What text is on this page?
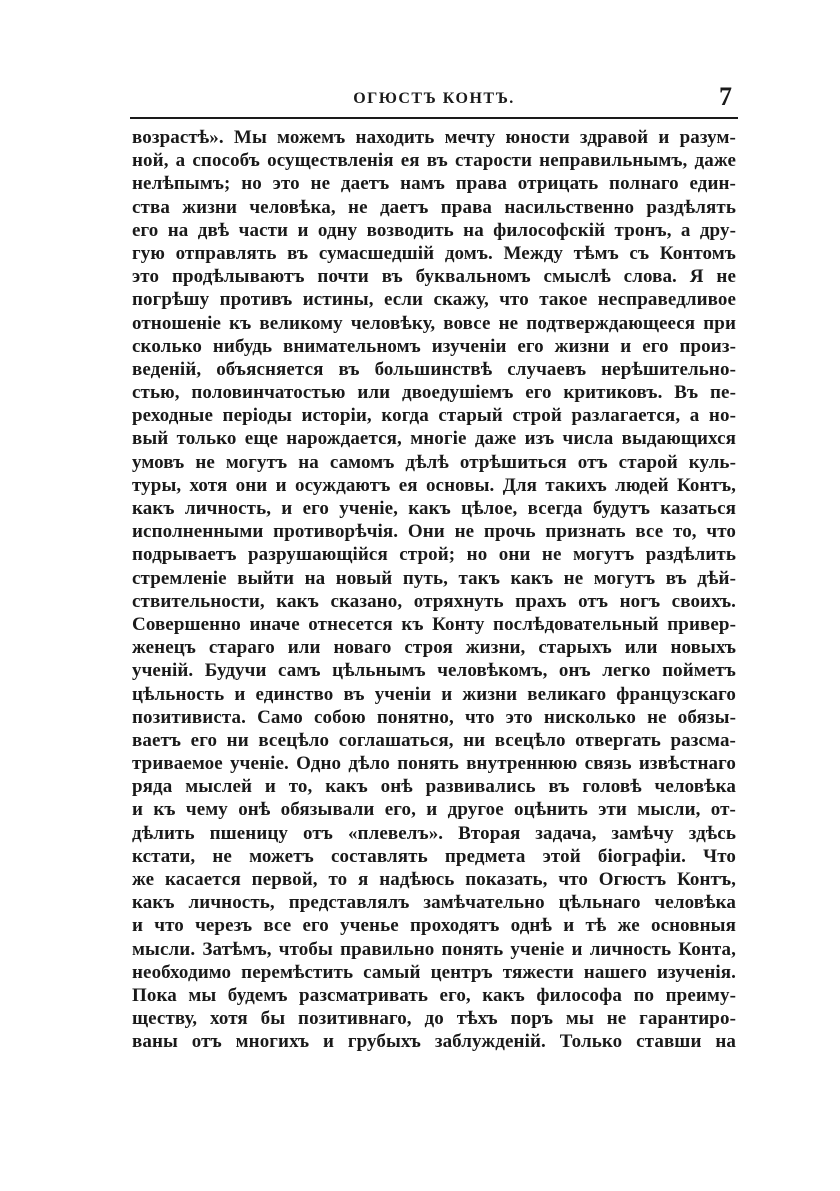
ОГЮСТЪ КОНТЪ.	7
возрастѣ». Мы можемъ находить мечту юности здравой и разум-
ной, а способъ осуществленія ея въ старости неправильнымъ, даже
нелѣпымъ; но это не даетъ намъ права отрицать полнаго един-
ства жизни человѣка, не даетъ права насильственно раздѣлять
его на двѣ части и одну возводить на философскій тронъ, а дру-
гую отправлять въ сумасшедшій домъ. Между тѣмъ съ Контомъ
это продѣлываютъ почти въ буквальномъ смыслѣ слова. Я не
погрѣшу противъ истины, если скажу, что такое несправедливое
отношеніе къ великому человѣку, вовсе не подтверждающееся при
сколько нибудь внимательномъ изученіи его жизни и его произ-
веденій, объясняется въ большинствѣ случаевъ нерѣшительно-
стью, половинчатостью или двоедушіемъ его критиковъ. Въ пе-
реходные періоды исторіи, когда старый строй разлагается, а но-
вый только еще нарождается, многіе даже изъ числа выдающихся
умовъ не могутъ на самомъ дѣлѣ отрѣшиться отъ старой куль-
туры, хотя они и осуждаютъ ея основы. Для такихъ людей Контъ,
какъ личность, и его ученіе, какъ цѣлое, всегда будутъ казаться
исполненными противорѣчія. Они не прочь признать все то, что
подрываетъ разрушающійся строй; но они не могутъ раздѣлить
стремленіе выйти на новый путь, такъ какъ не могутъ въ дѣй-
ствительности, какъ сказано, отряхнуть прахъ отъ ногъ своихъ.
Совершенно иначе отнесется къ Конту послѣдовательный привер-
женецъ стараго или новаго строя жизни, старыхъ или новыхъ
ученій. Будучи самъ цѣльнымъ человѣкомъ, онъ легко пойметъ
цѣльность и единство въ ученіи и жизни великаго французскаго
позитивиста. Само собою понятно, что это нисколько не обязы-
ваетъ его ни всецѣло соглашаться, ни всецѣло отвергать разсма-
триваемое ученіе. Одно дѣло понять внутреннюю связь извѣстнаго
ряда мыслей и то, какъ онѣ развивались въ головѣ человѣка
и къ чему онѣ обязывали его, и другое оцѣнить эти мысли, от-
дѣлить пшеницу отъ «плевелъ». Вторая задача, замѣчу здѣсь
кстати, не можетъ составлять предмета этой біографіи. Что
же касается первой, то я надѣюсь показать, что Огюстъ Контъ,
какъ личность, представлялъ замѣчательно цѣльнаго человѣка
и что черезъ все его ученье проходятъ однѣ и тѣ же основныя
мысли. Затѣмъ, чтобы правильно понять ученіе и личность Конта,
необходимо перемѣстить самый центръ тяжести нашего изученія.
Пока мы будемъ разсматривать его, какъ философа по преиму-
ществу, хотя бы позитивнаго, до тѣхъ поръ мы не гарантиро-
ваны отъ многихъ и грубыхъ заблужденій. Только ставши на
